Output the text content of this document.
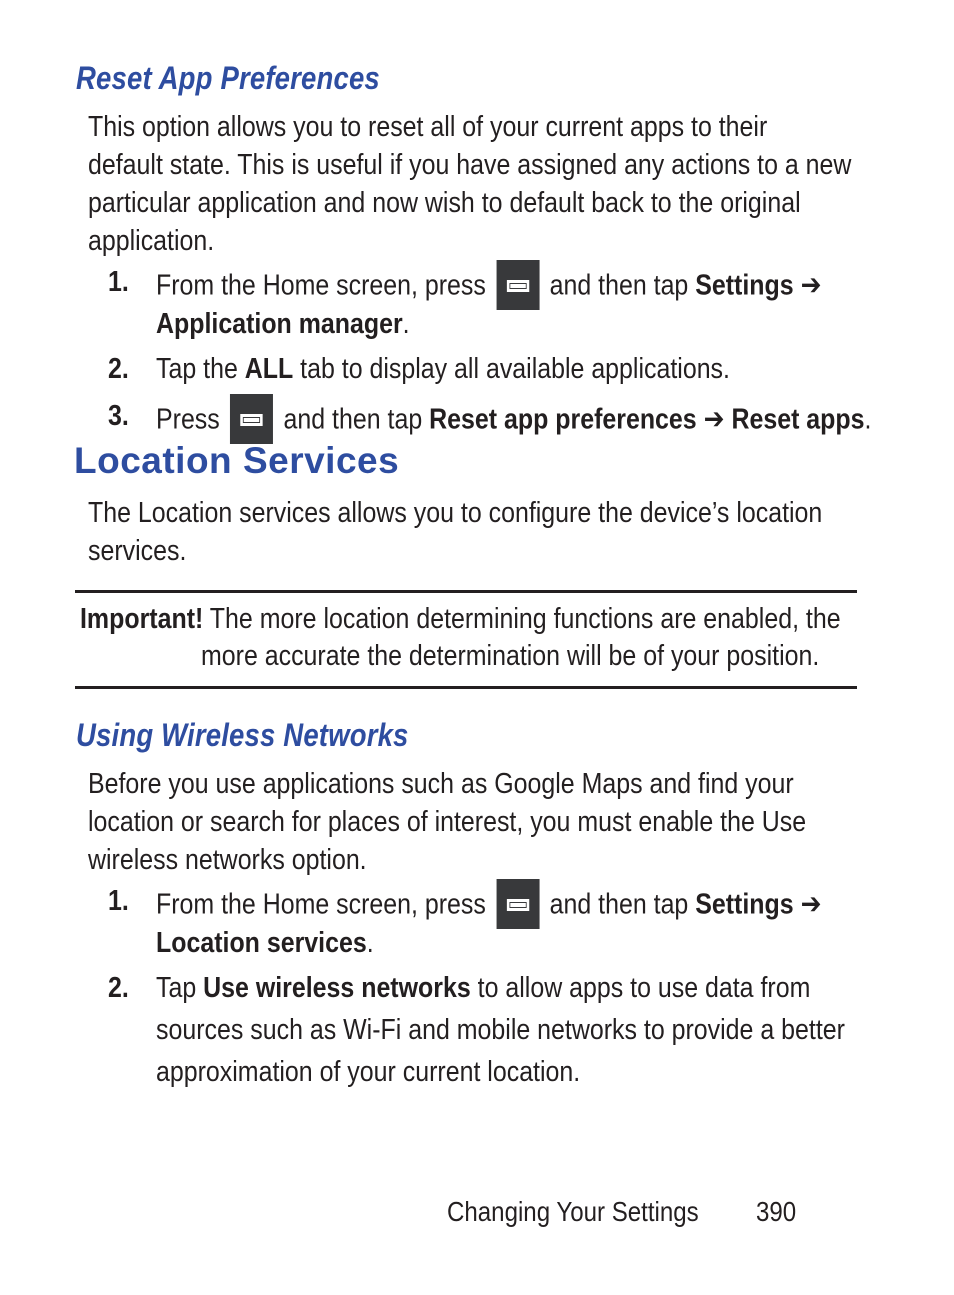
Reset App Preferences
This option allows you to reset all of your current apps to their
default state. This is useful if you have assigned any actions to a new
particular application and now wish to default back to the original
application.
1. From the Home screen, press and then tap Settings ➔
Application manager.
2. Tap the ALL tab to display all available applications.
3. Press and then tap Reset app preferences ➔ Reset apps.
Location Services
The Location services allows you to configure the device’s location
services.
Important! The more location determining functions are enabled, the
more accurate the determination will be of your position.
Using Wireless Networks
Before you use applications such as Google Maps and find your
location or search for places of interest, you must enable the Use
wireless networks option.
1. From the Home screen, press and then tap Settings ➔
Location services.
2. Tap Use wireless networks to allow apps to use data from
sources such as Wi-Fi and mobile networks to provide a better
approximation of your current location.
Changing Your Settings	390
